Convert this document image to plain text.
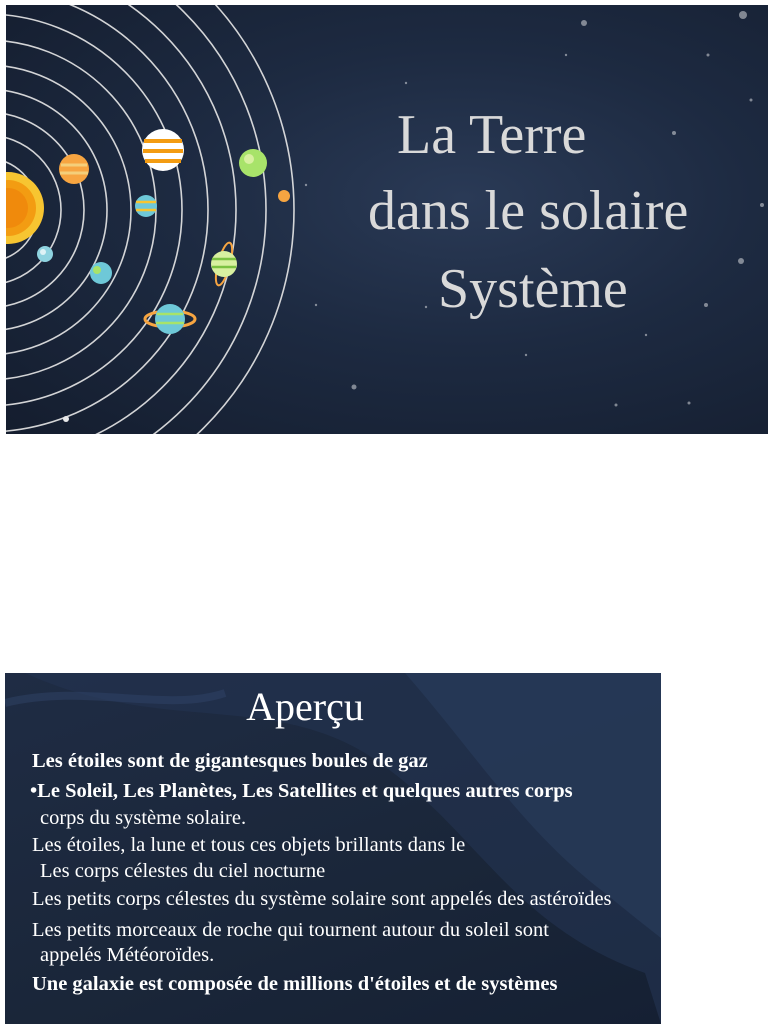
La Terre
dans le solaire
Système
Aperçu
Les étoiles sont de gigantesques boules de gaz
•Le Soleil, Les Planètes, Les Satellites et quelques autres corps
corps du système solaire.
Les étoiles, la lune et tous ces objets brillants dans le
Les corps célestes du ciel nocturne
Les petits corps célestes du système solaire sont appelés des astéroïdes
Les petits morceaux de roche qui tournent autour du soleil sont
appelés Météoroïdes.
Une galaxie est composée de millions d'étoiles et de systèmes
